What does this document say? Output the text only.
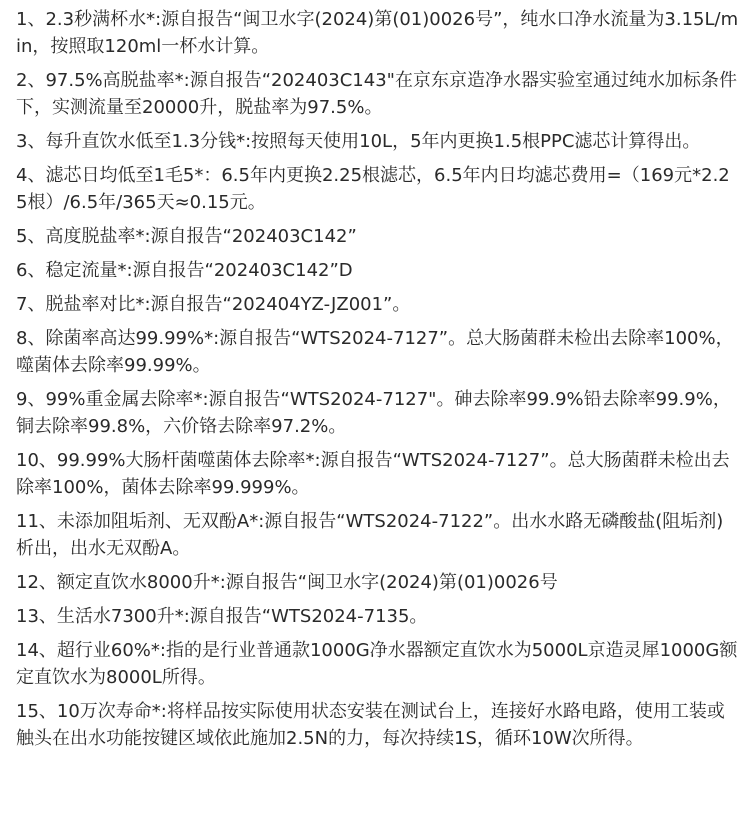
1、2.3秒满杯水*:源自报告“闽卫水字(2024)第(01)0026号”，纯水口净水流量为3.15L/min，按照取120ml一杯水计算。

2、97.5%高脱盐率*:源自报告“202403C143"在京东京造净水器实验室通过纯水加标条件下，实测流量至20000升，脱盐率为97.5%。

3、每升直饮水低至1.3分钱*:按照每天使用10L，5年内更换1.5根PPC滤芯计算得出。

4、滤芯日均低至1毛5*：6.5年内更换2.25根滤芯，6.5年内日均滤芯费用=（169元*2.25根）/6.5年/365天≈0.15元。

5、高度脱盐率*:源自报告“202403C142”

6、稳定流量*:源自报告“202403C142”D

7、脱盐率对比*:源自报告“202404YZ-JZ001”。

8、除菌率高达99.99%*:源自报告“WTS2024-7127”。总大肠菌群未检出去除率100%，噬菌体去除率99.99%。

9、99%重金属去除率*:源自报告“WTS2024-7127"。砷去除率99.9%铅去除率99.9%，铜去除率99.8%，六价铬去除率97.2%。

10、99.99%大肠杆菌噬菌体去除率*:源自报告“WTS2024-7127”。总大肠菌群未检出去除率100%，菌体去除率99.999%。

11、未添加阻垢剂、无双酚A*:源自报告“WTS2024-7122”。出水水路无磷酸盐(阻垢剂)析出，出水无双酚A。

12、额定直饮水8000升*:源自报告“闽卫水字(2024)第(01)0026号

13、生活水7300升*:源自报告“WTS2024-7135。

14、超行业60%*:指的是行业普通款1000G净水器额定直饮水为5000L京造灵犀1000G额定直饮水为8000L所得。

15、10万次寿命*:将样品按实际使用状态安装在测试台上，连接好水路电路，使用工装或触头在出水功能按键区域依此施加2.5N的力，每次持续1S，循环10W次所得。
